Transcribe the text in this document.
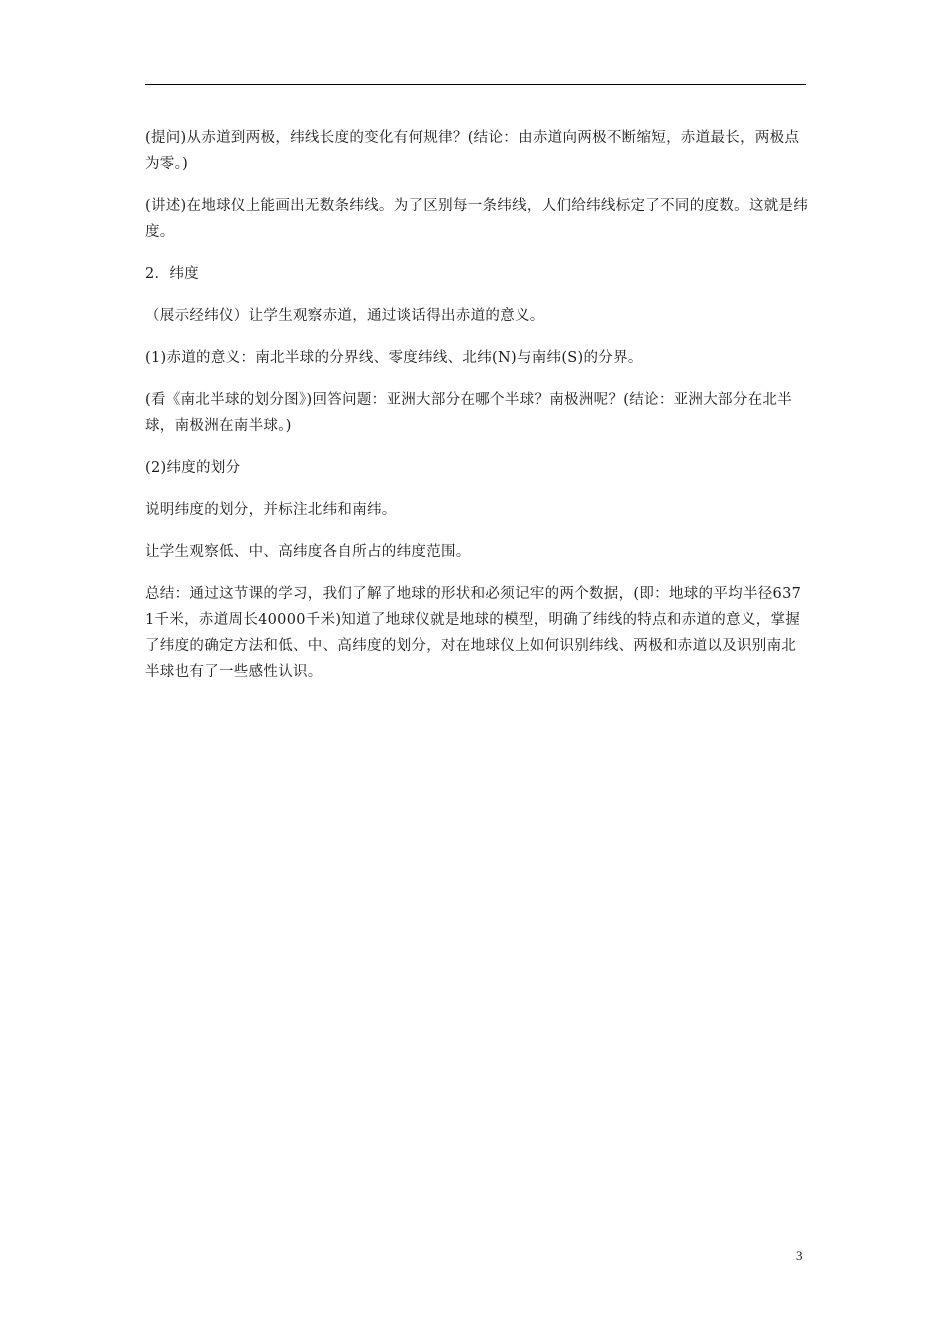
(提问)从赤道到两极，纬线长度的变化有何规律？(结论：由赤道向两极不断缩短，赤道最长，两极点为零。)

(讲述)在地球仪上能画出无数条纬线。为了区别每一条纬线，人们给纬线标定了不同的度数。这就是纬度。

2．纬度

（展示经纬仪）让学生观察赤道，通过谈话得出赤道的意义。

(1)赤道的意义：南北半球的分界线、零度纬线、北纬(N)与南纬(S)的分界。

(看《南北半球的划分图》)回答问题：亚洲大部分在哪个半球？南极洲呢？(结论：亚洲大部分在北半球，南极洲在南半球。)

(2)纬度的划分

说明纬度的划分，并标注北纬和南纬。

让学生观察低、中、高纬度各自所占的纬度范围。

总结：通过这节课的学习，我们了解了地球的形状和必须记牢的两个数据，(即：地球的平均半径6371千米，赤道周长40000千米)知道了地球仪就是地球的模型，明确了纬线的特点和赤道的意义，掌握了纬度的确定方法和低、中、高纬度的划分，对在地球仪上如何识别纬线、两极和赤道以及识别南北半球也有了一些感性认识。

3
